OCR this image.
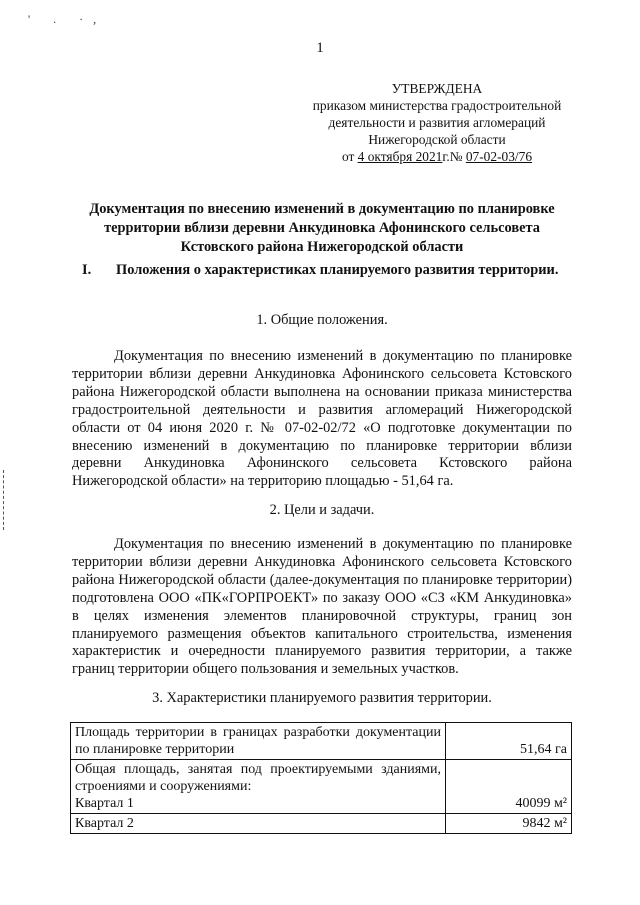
' . ·,
1
УТВЕРЖДЕНА
приказом министерства градостроительной
деятельности и развития агломераций
Нижегородской области
от 4 октября 2021г.№ 07-02-03/76
Документация по внесению изменений в документацию по планировке
территории вблизи деревни Анкудиновка Афонинского сельсовета
Кстовского района Нижегородской области
I. Положения о характеристиках планируемого развития территории.
1. Общие положения.

Документация по внесению изменений в документацию по планировке территории вблизи деревни Анкудиновка Афонинского сельсовета Кстовского района Нижегородской области выполнена на основании приказа министерства градостроительной деятельности и развития агломераций Нижегородской области от 04 июня 2020 г. № 07-02-02/72 «О подготовке документации по внесению изменений в документацию по планировке территории вблизи деревни Анкудиновка Афонинского сельсовета Кстовского района Нижегородской области» на территорию площадью - 51,64 га.

2. Цели и задачи.

Документация по внесению изменений в документацию по планировке территории вблизи деревни Анкудиновка Афонинского сельсовета Кстовского района Нижегородской области (далее-документация по планировке территории) подготовлена ООО «ПК«ГОРПРОЕКТ» по заказу ООО «СЗ «КМ Анкудиновка» в целях изменения элементов планировочной структуры, границ зон планируемого размещения объектов капитального строительства, изменения характеристик и очередности планируемого развития территории, а также границ территории общего пользования и земельных участков.

3. Характеристики планируемого развития территории.
Площадь территории в границах разработки документации по планировке территории	51,64 га
Общая площадь, занятая под проектируемыми зданиями, строениями и сооружениями:
Квартал 1	40099 м²
Квартал 2	9842 м²
